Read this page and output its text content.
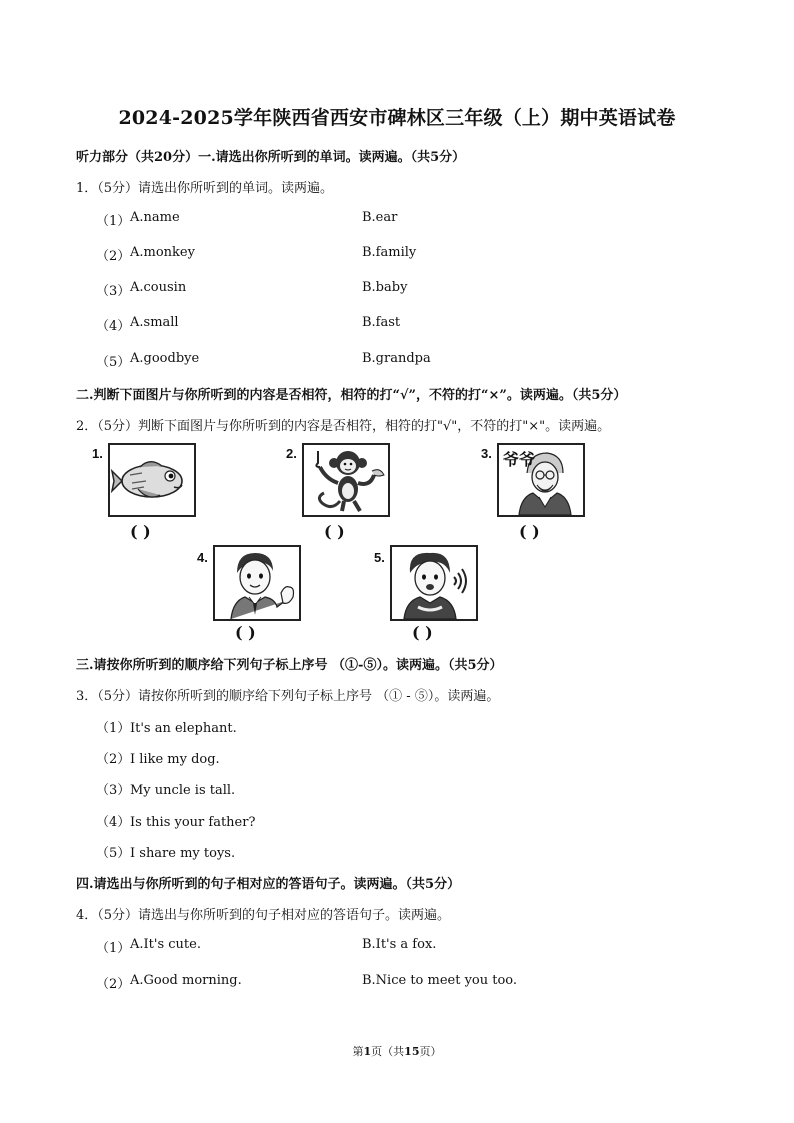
2024-2025学年陕西省西安市碑林区三年级（上）期中英语试卷
听力部分（共20分）一.请选出你所听到的单词。读两遍。（共5分）
1．（5分）请选出你所听到的单词。读两遍。
（1） A.name	B.ear
（2） A.monkey	B.family
（3） A.cousin	B.baby
（4） A.small	B.fast
（5） A.goodbye	B.grandpa
二.判断下面图片与你所听到的内容是否相符，相符的打“√”，不符的打“×”。读两遍。（共5分）
2．（5分）判断下面图片与你所听到的内容是否相符，相符的打"√"，不符的打"×"。读两遍。
1.
( )
2.
( )
3. 爷爷
( )
4.
( )
5.
( )
三.请按你所听到的顺序给下列句子标上序号 （①-⑤）。读两遍。（共5分）
3．（5分）请按你所听到的顺序给下列句子标上序号 （① - ⑤）。读两遍。
（1）It's an elephant.
（2）I like my dog.
（3）My uncle is tall.
（4）Is this your father?
（5）I share my toys.
四.请选出与你所听到的句子相对应的答语句子。读两遍。（共5分）
4．（5分）请选出与你所听到的句子相对应的答语句子。读两遍。
（1） A.It's cute.	B.It's a fox.
（2） A.Good morning.	B.Nice to meet you too.
第1页（共15页）
